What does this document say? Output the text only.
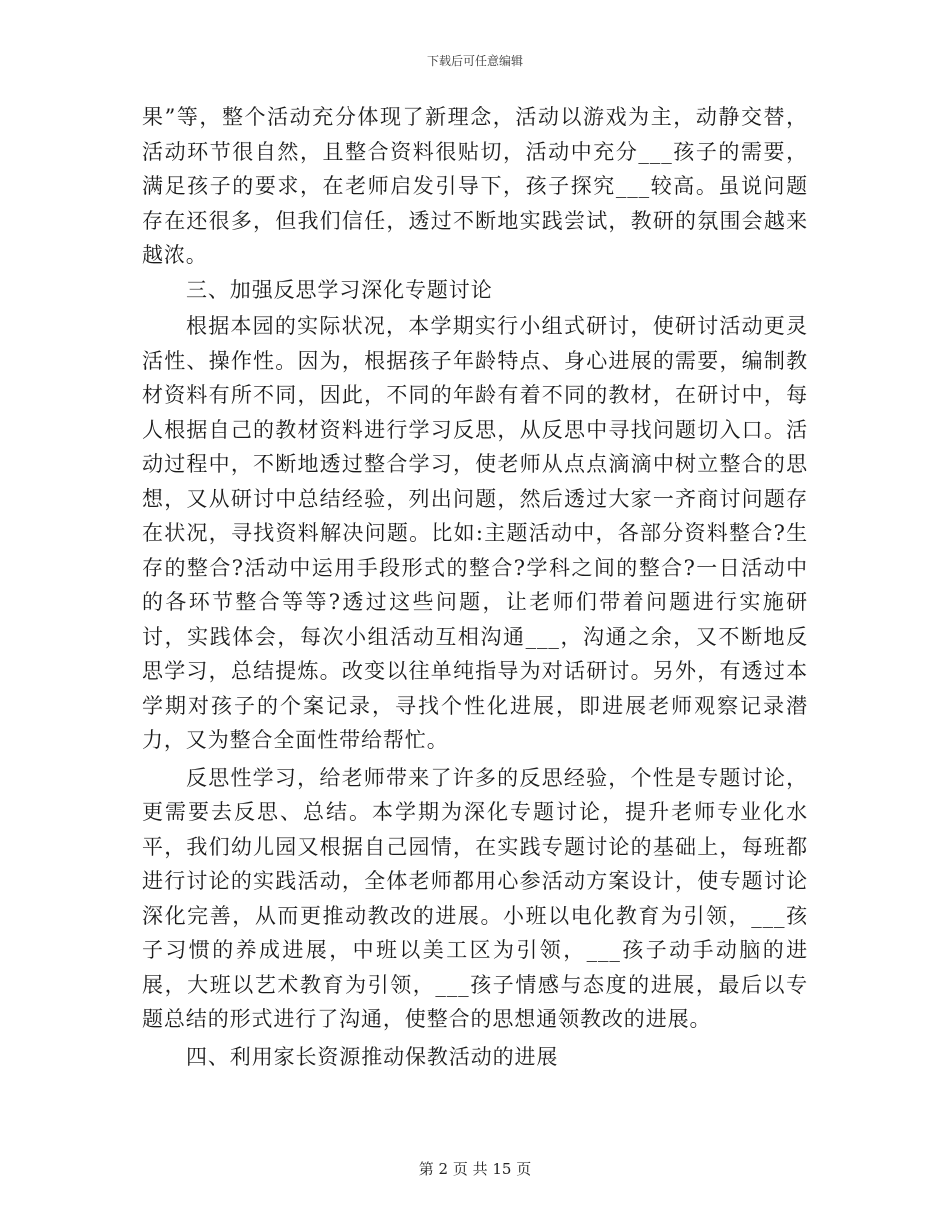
下载后可任意编辑

果”等，整个活动充分体现了新理念，活动以游戏为主，动静交替，活动环节很自然，且整合资料很贴切，活动中充分___孩子的需要，满足孩子的要求，在老师启发引导下，孩子探究___较高。虽说问题存在还很多，但我们信任，透过不断地实践尝试，教研的氛围会越来越浓。

三、加强反思学习深化专题讨论

根据本园的实际状况，本学期实行小组式研讨，使研讨活动更灵活性、操作性。因为，根据孩子年龄特点、身心进展的需要，编制教材资料有所不同，因此，不同的年龄有着不同的教材，在研讨中，每人根据自己的教材资料进行学习反思，从反思中寻找问题切入口。活动过程中，不断地透过整合学习，使老师从点点滴滴中树立整合的思想，又从研讨中总结经验，列出问题，然后透过大家一齐商讨问题存在状况，寻找资料解决问题。比如:主题活动中，各部分资料整合?生存的整合?活动中运用手段形式的整合?学科之间的整合?一日活动中的各环节整合等等?透过这些问题，让老师们带着问题进行实施研讨，实践体会，每次小组活动互相沟通___，沟通之余，又不断地反思学习，总结提炼。改变以往单纯指导为对话研讨。另外，有透过本学期对孩子的个案记录，寻找个性化进展，即进展老师观察记录潜力，又为整合全面性带给帮忙。

反思性学习，给老师带来了许多的反思经验，个性是专题讨论，更需要去反思、总结。本学期为深化专题讨论，提升老师专业化水平，我们幼儿园又根据自己园情，在实践专题讨论的基础上，每班都进行讨论的实践活动，全体老师都用心参活动方案设计，使专题讨论深化完善，从而更推动教改的进展。小班以电化教育为引领，___孩子习惯的养成进展，中班以美工区为引领，___孩子动手动脑的进展，大班以艺术教育为引领，___孩子情感与态度的进展，最后以专题总结的形式进行了沟通，使整合的思想通领教改的进展。

四、利用家长资源推动保教活动的进展

第 2 页 共 15 页
